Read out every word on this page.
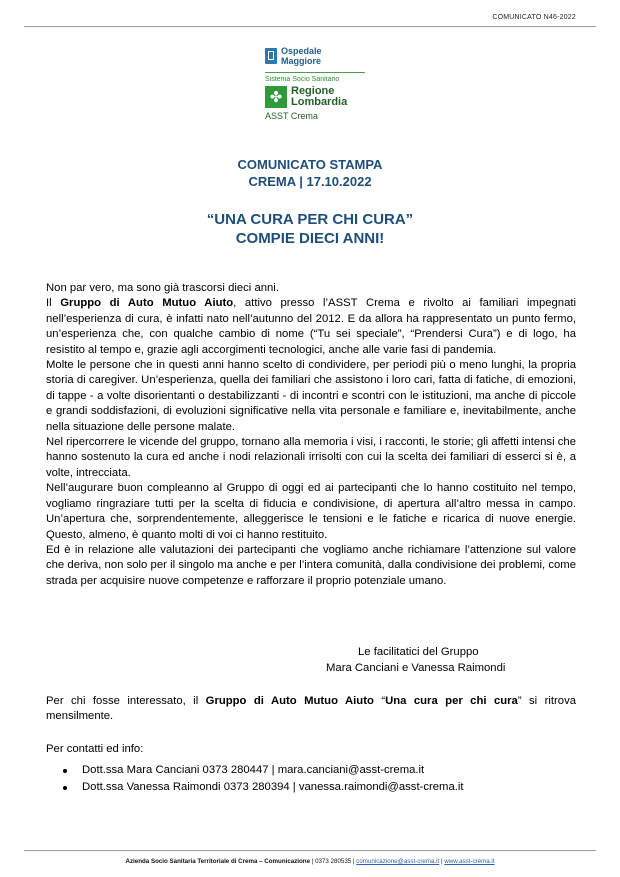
COMUNICATO N46-2022
Ospedale
Maggiore
Sistema Socio Sanitario
✤ Regione
Lombardia
ASST Crema
COMUNICATO STAMPA
CREMA | 17.10.2022
“UNA CURA PER CHI CURA”
COMPIE DIECI ANNI!

Non par vero, ma sono già trascorsi dieci anni.

Il Gruppo di Auto Mutuo Aiuto, attivo presso l’ASST Crema e rivolto ai familiari impegnati nell’esperienza di cura, è infatti nato nell’autunno del 2012. E da allora ha rappresentato un punto fermo, un’esperienza che, con qualche cambio di nome (“Tu sei speciale”, “Prendersi Cura”) e di logo, ha resistito al tempo e, grazie agli accorgimenti tecnologici, anche alle varie fasi di pandemia.

Molte le persone che in questi anni hanno scelto di condividere, per periodi più o meno lunghi, la propria storia di caregiver. Un’esperienza, quella dei familiari che assistono i loro cari, fatta di fatiche, di emozioni, di tappe - a volte disorientanti o destabilizzanti - di incontri e scontri con le istituzioni, ma anche di piccole e grandi soddisfazioni, di evoluzioni significative nella vita personale e familiare e, inevitabilmente, anche nella situazione delle persone malate.

Nel ripercorrere le vicende del gruppo, tornano alla memoria i visi, i racconti, le storie; gli affetti intensi che hanno sostenuto la cura ed anche i nodi relazionali irrisolti con cui la scelta dei familiari di esserci si è, a volte, intrecciata.

Nell’augurare buon compleanno al Gruppo di oggi ed ai partecipanti che lo hanno costituito nel tempo, vogliamo ringraziare tutti per la scelta di fiducia e condivisione, di apertura all’altro messa in campo. Un’apertura che, sorprendentemente, alleggerisce le tensioni e le fatiche e ricarica di nuove energie. Questo, almeno, è quanto molti di voi ci hanno restituito.

Ed è in relazione alle valutazioni dei partecipanti che vogliamo anche richiamare l’attenzione sul valore che deriva, non solo per il singolo ma anche e per l’intera comunità, dalla condivisione dei problemi, come strada per acquisire nuove competenze e rafforzare il proprio potenziale umano.

Le facilitatici del Gruppo
Mara Canciani e Vanessa Raimondi
Per chi fosse interessato, il Gruppo di Auto Mutuo Aiuto “Una cura per chi cura” si ritrova mensilmente.
Per contatti ed info:
Dott.ssa Mara Canciani 0373 280447 | mara.canciani@asst-crema.it
Dott.ssa Vanessa Raimondi 0373 280394 | vanessa.raimondi@asst-crema.it
Azienda Socio Sanitaria Territoriale di Crema – Comunicazione | 0373 280535 | comunicazione@asst-crema.it | www.asst-crema.it
